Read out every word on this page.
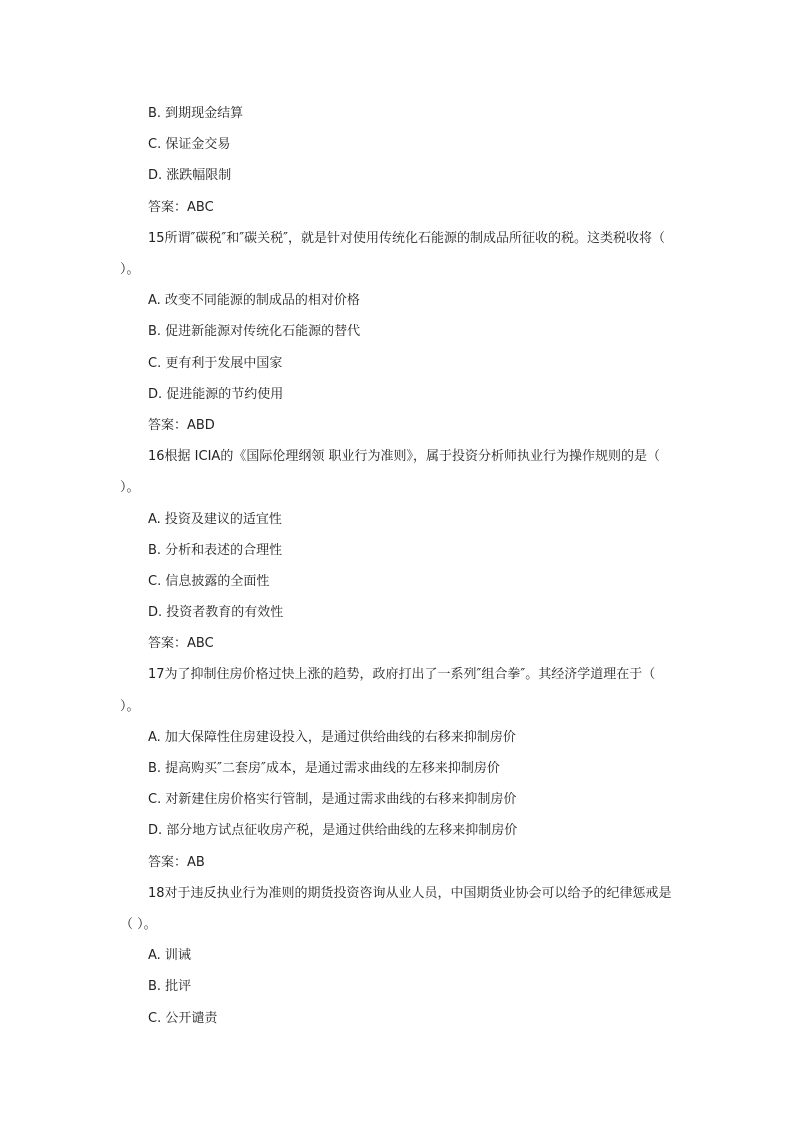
B. 到期现金结算
C. 保证金交易
D. 涨跌幅限制
答案：ABC
15所谓″碳税″和″碳关税″，就是针对使用传统化石能源的制成品所征收的税。这类税收将（ ）。
A. 改变不同能源的制成品的相对价格
B. 促进新能源对传统化石能源的替代
C. 更有利于发展中国家
D. 促进能源的节约使用
答案：ABD
16根据 ICIA的《国际伦理纲领 职业行为准则》，属于投资分析师执业行为操作规则的是（ ）。
A. 投资及建议的适宜性
B. 分析和表述的合理性
C. 信息披露的全面性
D. 投资者教育的有效性
答案：ABC
17为了抑制住房价格过快上涨的趋势，政府打出了一系列″组合拳″。其经济学道理在于（ ）。
A. 加大保障性住房建设投入，是通过供给曲线的右移来抑制房价
B. 提高购买″二套房″成本，是通过需求曲线的左移来抑制房价
C. 对新建住房价格实行管制，是通过需求曲线的右移来抑制房价
D. 部分地方试点征收房产税，是通过供给曲线的左移来抑制房价
答案：AB
18对于违反执业行为准则的期货投资咨询从业人员，中国期货业协会可以给予的纪律惩戒是（ ）。
A. 训诫
B. 批评
C. 公开谴责
